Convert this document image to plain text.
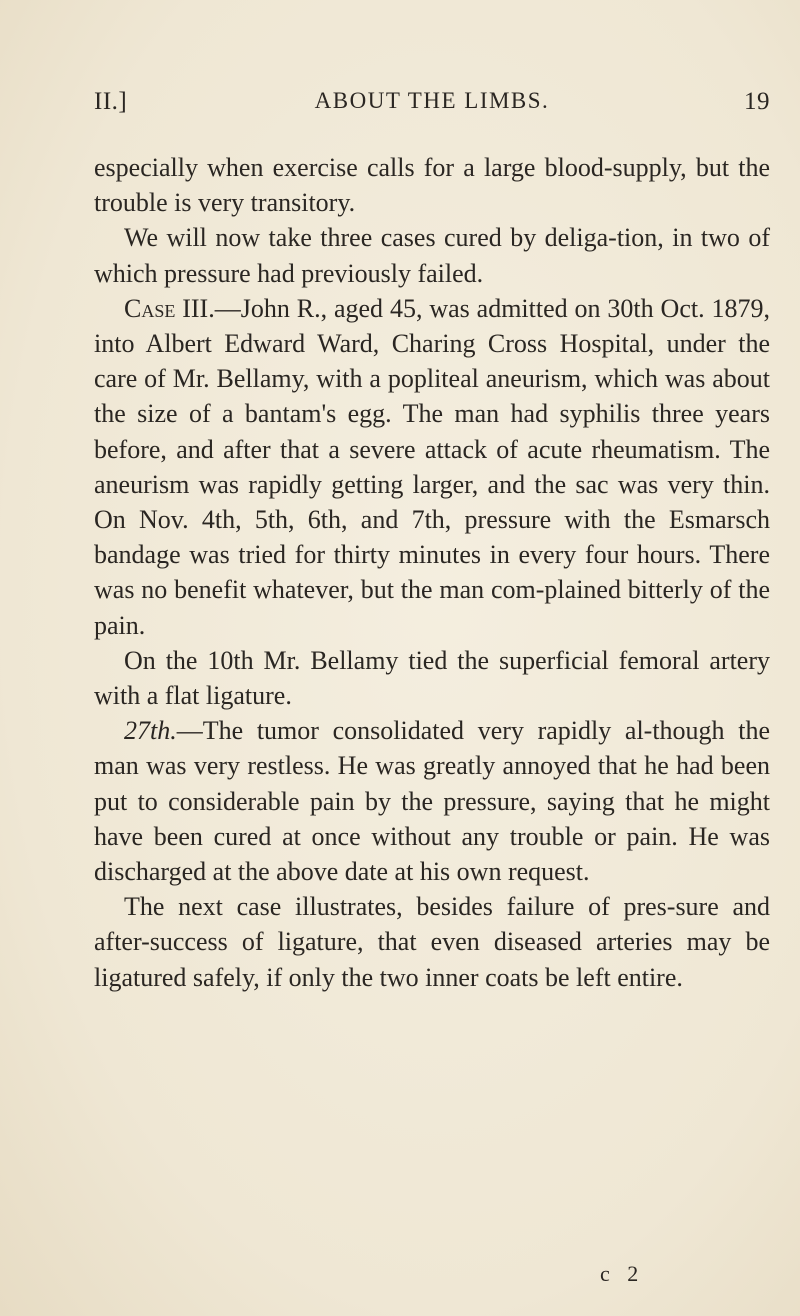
II.]	ABOUT THE LIMBS.	19

especially when exercise calls for a large blood-supply, but the trouble is very transitory.

We will now take three cases cured by deliga-tion, in two of which pressure had previously failed.

Case III.—John R., aged 45, was admitted on 30th Oct. 1879, into Albert Edward Ward, Charing Cross Hospital, under the care of Mr. Bellamy, with a popliteal aneurism, which was about the size of a bantam's egg. The man had syphilis three years before, and after that a severe attack of acute rheumatism. The aneurism was rapidly getting larger, and the sac was very thin. On Nov. 4th, 5th, 6th, and 7th, pressure with the Esmarsch bandage was tried for thirty minutes in every four hours. There was no benefit whatever, but the man com-plained bitterly of the pain.

On the 10th Mr. Bellamy tied the superficial femoral artery with a flat ligature.

27th.—The tumor consolidated very rapidly al-though the man was very restless. He was greatly annoyed that he had been put to considerable pain by the pressure, saying that he might have been cured at once without any trouble or pain. He was discharged at the above date at his own request.

The next case illustrates, besides failure of pres-sure and after-success of ligature, that even diseased arteries may be ligatured safely, if only the two inner coats be left entire.

c 2
